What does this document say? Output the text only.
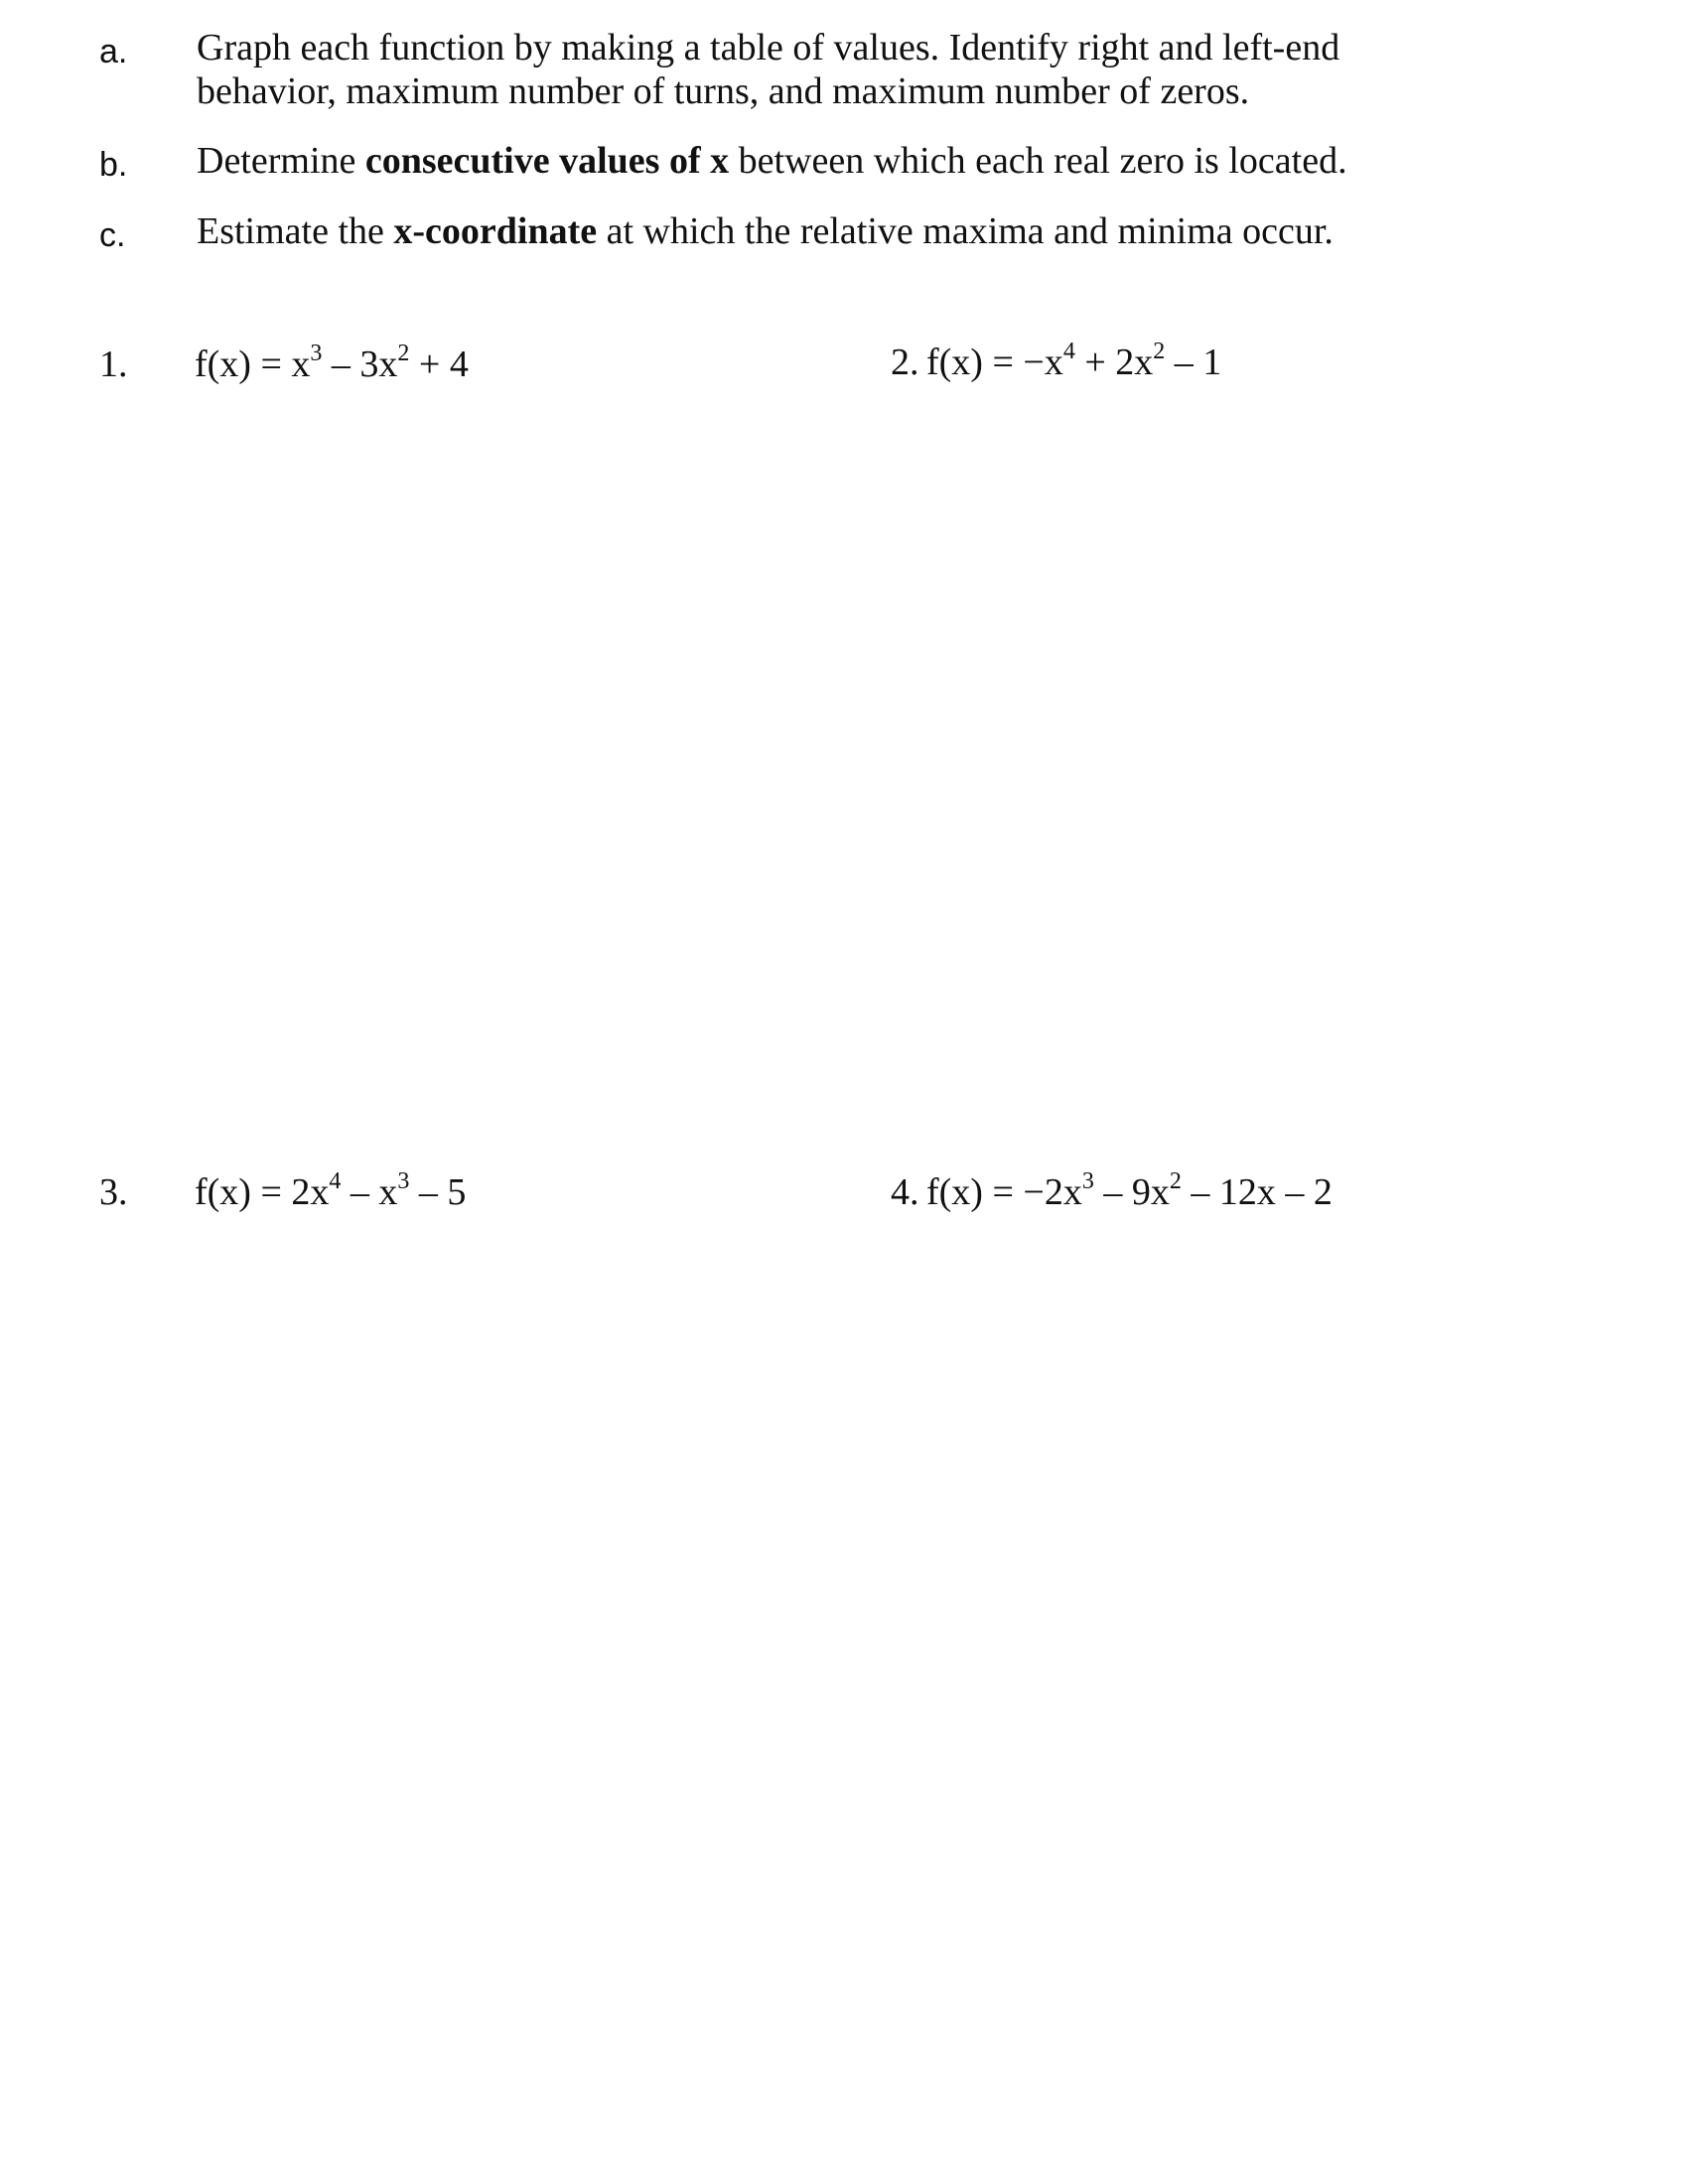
a. Graph each function by making a table of values. Identify right and left-end behavior, maximum number of turns, and maximum number of zeros.
b. Determine consecutive values of x between which each real zero is located.
c. Estimate the x-coordinate at which the relative maxima and minima occur.
1. $f(x) = x^3 - 3x^2 + 4$	2. $f(x) = -x^4 + 2x^2 - 1$
3. $f(x) = 2x^4 - x^3 - 5$	4. $f(x) = -2x^3 - 9x^2 - 12x - 2$
